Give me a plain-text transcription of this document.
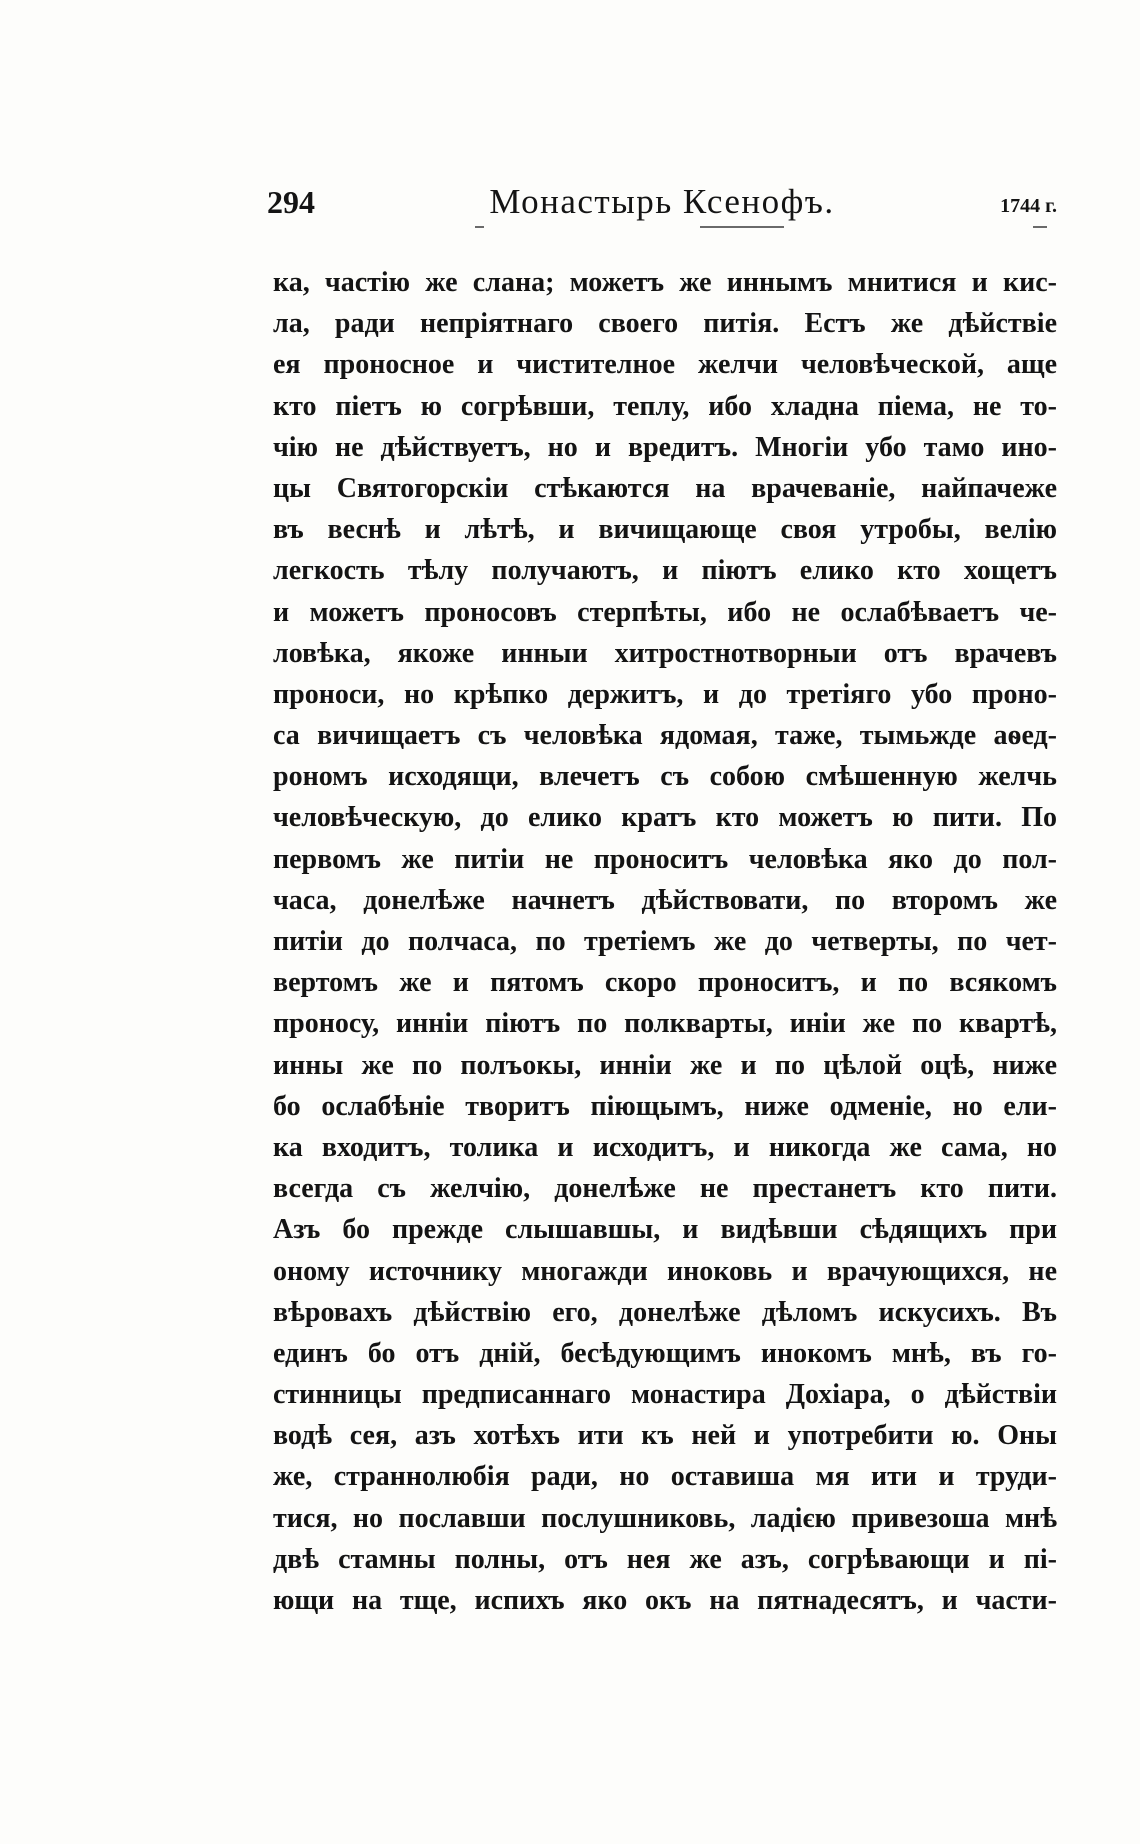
294	Монастырь Ксенофъ.	1744 г.
ка, частію же слана; можетъ же иннымъ мнитися и кис-
ла, ради непріятнаго своего питія. Естъ же дѣйствіе
ея проносное и чистителное желчи человѣческой, аще
кто піетъ ю согрѣвши, теплу, ибо хладна піема, не то-
чію не дѣйствуетъ, но и вредитъ. Многіи убо тамо ино-
цы Святогорскіи стѣкаются на врачеваніе, найпачеже
въ веснѣ и лѣтѣ, и вичищающе своя утробы, велію
легкость тѣлу получаютъ, и піютъ елико кто хощетъ
и можетъ проносовъ стерпѣты, ибо не ослабѣваетъ че-
ловѣка, якоже инныи хитростнотворныи отъ врачевъ
проноси, но крѣпко держитъ, и до третіяго убо проно-
са вичищаетъ съ человѣка ядомая, таже, тымьжде аѳед-
рономъ исходящи, влечетъ съ собою смѣшенную желчь
человѣческую, до елико кратъ кто можетъ ю пити. По
первомъ же питіи не проноситъ человѣка яко до пол-
часа, донелѣже начнетъ дѣйствовати, по второмъ же
питіи до полчаса, по третіемъ же до четверты, по чет-
вертомъ же и пятомъ скоро проноситъ, и по всякомъ
проносу, инніи піютъ по полкварты, иніи же по квартѣ,
инны же по полъокы, инніи же и по цѣлой оцѣ, ниже
бо ослабѣніе творитъ піющымъ, ниже одменіе, но ели-
ка входитъ, толика и исходитъ, и никогда же сама, но
всегда съ желчію, донелѣже не престанетъ кто пити.
Азъ бо прежде слышавшы, и видѣвши сѣдящихъ при
оному источнику многажди иноковь и врачующихся, не
вѣровахъ дѣйствію его, донелѣже дѣломъ искусихъ. Въ
единъ бо отъ дній, бесѣдующимъ инокомъ мнѣ, въ го-
стинницы предписаннаго монастира Дохіара, о дѣйствіи
водѣ сея, азъ хотѣхъ ити къ ней и употребити ю. Оны
же, страннолюбія ради, но оставиша мя ити и труди-
тися, но пославши послушниковь, ладією привезоша мнѣ
двѣ стамны полны, отъ нея же азъ, согрѣвающи и пі-
ющи на тще, испихъ яко окъ на пятнадесятъ, и части-
